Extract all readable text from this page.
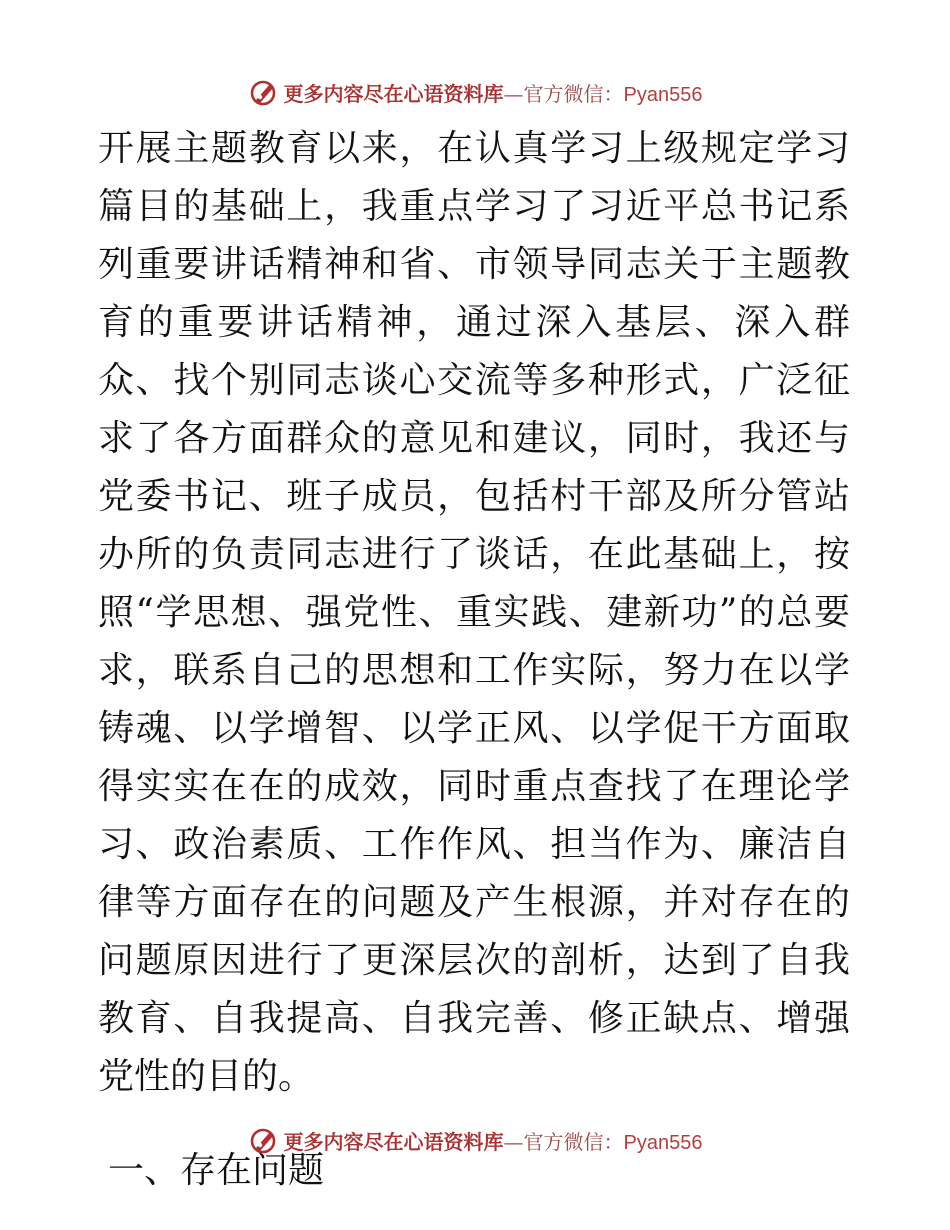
更多内容尽在心语资料库—官方微信：Pyan556

开展主题教育以来，在认真学习上级规定学习篇目的基础上，我重点学习了习近平总书记系列重要讲话精神和省、市领导同志关于主题教育的重要讲话精神，通过深入基层、深入群众、找个别同志谈心交流等多种形式，广泛征求了各方面群众的意见和建议，同时，我还与党委书记、班子成员，包括村干部及所分管站办所的负责同志进行了谈话，在此基础上，按照“学思想、强党性、重实践、建新功”的总要求，联系自己的思想和工作实际，努力在以学铸魂、以学增智、以学正风、以学促干方面取得实实在在的成效，同时重点查找了在理论学习、政治素质、工作作风、担当作为、廉洁自律等方面存在的问题及产生根源，并对存在的问题原因进行了更深层次的剖析，达到了自我教育、自我提高、自我完善、修正缺点、增强党性的目的。

一、存在问题
更多内容尽在心语资料库—官方微信：Pyan556
